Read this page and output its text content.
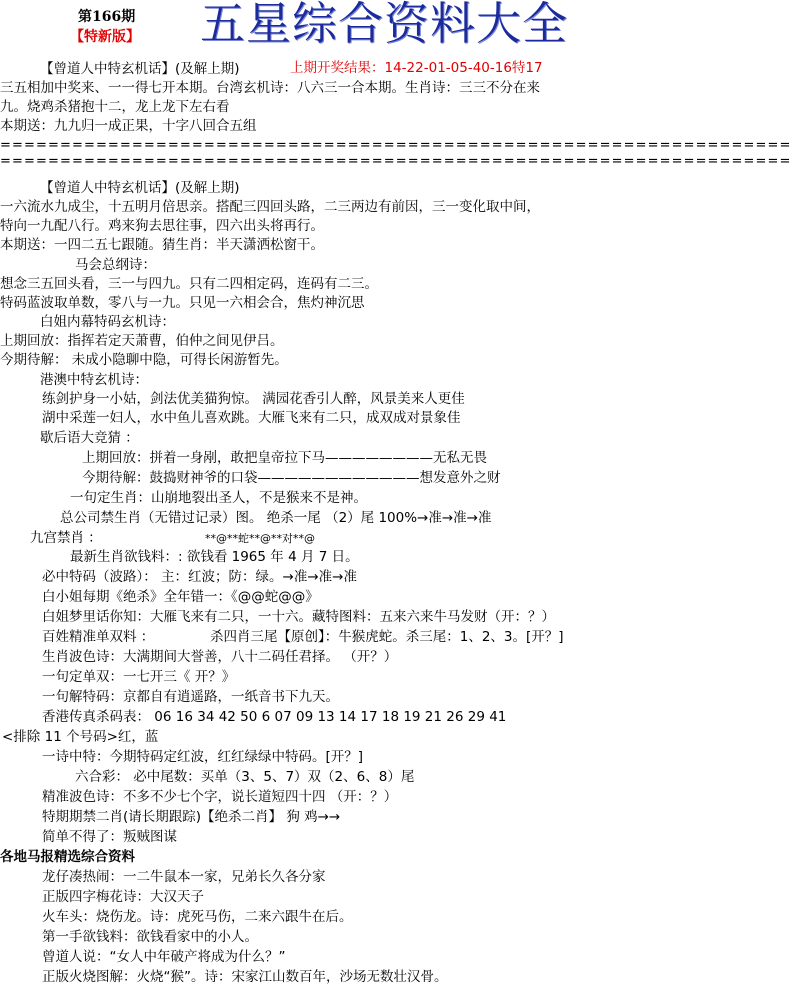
第166期
【特新版】 五星综合资料大全
上期开奖结果：14-22-01-05-40-16特17
【曾道人中特玄机话】(及解上期)
三五相加中奖来、一一得七开本期。台湾玄机诗：八六三一合本期。生肖诗：三三不分在来
九。烧鸡杀猪抱十二，龙上龙下左右看
本期送：九九归一成正果，十字八回合五组
==================================================================
==================================================================
【曾道人中特玄机话】(及解上期)
一六流水九成尘，十五明月倍思亲。搭配三四回头路，二三两边有前因，三一变化取中间，
特向一九配八行。鸡来狗去思往事，四六出头将再行。
本期送：一四二五七跟随。猜生肖：半天潇洒松窗干。
马会总纲诗：
想念三五回头看，三一与四九。只有二四相定码，连码有二三。
特码蓝波取单数，零八与一九。只见一六相会合，焦灼神沉思
白姐内幕特码玄机诗：
上期回放：指挥若定天萧曹，伯仲之间见伊吕。
今期待解： 未成小隐聊中隐，可得长闲游暂先。
港澳中特玄机诗：
练剑护身一小姑，剑法优美猫狗惊。 满园花香引人醉，风景美来人更佳
湖中采莲一妇人，水中鱼儿喜欢跳。大雁飞来有二只，成双成对景象佳
歇后语大竞猜 ：
上期回放：拼着一身剐，敢把皇帝拉下马————————无私无畏
今期待解：鼓捣财神爷的口袋————————————想发意外之财
一句定生肖：山崩地裂出圣人，不是猴来不是神。
总公司禁生肖（无错过记录）图。 绝杀一尾 （2）尾 100%→准→准→准
九宫禁肖 ：	**@**蛇**@**对**@
最新生肖欲钱料：: 欲钱看 1965 年 4 月 7 日。
必中特码（波路）： 主：红波；防：绿。→准→准→准
白小姐每期《绝杀》全年错一：《@@蛇@@》
白姐梦里话你知：大雁飞来有二只，一十六。藏特图料：五来六来牛马发财（开：？）
百姓精准单双料 ：	杀四肖三尾【原创】：牛猴虎蛇。杀三尾：1、2、3。[开？]
生肖波色诗：大满期间大誉善，八十二码任君择。 （开？）
一句定单双：一七开三《 开？》
一句解特码：京都自有逍遥路，一纸音书下九天。
香港传真杀码表： 06 16 34 42 50 6 07 09 13 14 17 18 19 21 26 29 41
<排除 11 个号码>红，蓝
一诗中特：今期特码定红波，红红绿绿中特码。[开？]
六合彩： 必中尾数：买单（3、5、7）双（2、6、8）尾
精准波色诗：不多不少七个字，说长道短四十四 （开：？）
特期期禁二肖(请长期跟踪)【绝杀二肖】 狗 鸡→→
简单不得了：叛贼图谋
各地马报精选综合资料
龙仔凑热闹：一二牛鼠本一家，兄弟长久各分家
正版四字梅花诗：大汉天子
火车头：烧伤龙。诗：虎死马伤，二来六跟牛在后。
第一手欲钱料：欲钱看家中的小人。
曾道人说：“女人中年破产将成为什么？”
正版火烧图解：火烧“猴”。诗：宋家江山数百年，沙场无数壮汉骨。
